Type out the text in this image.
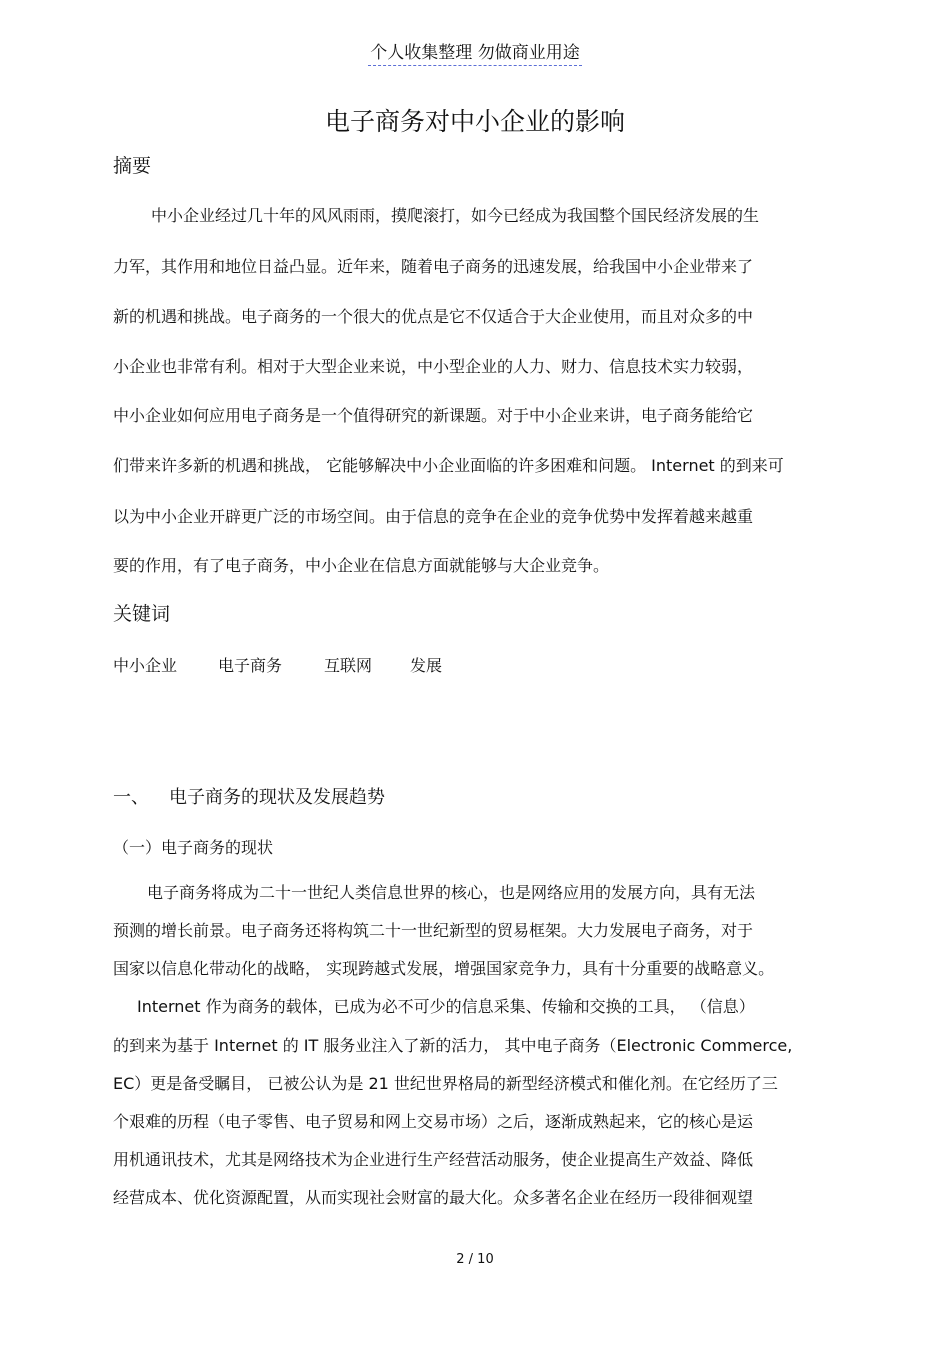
个人收集整理 勿做商业用途
电子商务对中小企业的影响
摘要
中小企业经过几十年的风风雨雨，摸爬滚打，如今已经成为我国整个国民经济发展的生
力军，其作用和地位日益凸显。近年来，随着电子商务的迅速发展，给我国中小企业带来了
新的机遇和挑战。电子商务的一个很大的优点是它不仅适合于大企业使用，而且对众多的中
小企业也非常有利。相对于大型企业来说，中小型企业的人力、财力、信息技术实力较弱，
中小企业如何应用电子商务是一个值得研究的新课题。对于中小企业来讲，电子商务能给它
们带来许多新的机遇和挑战， 它能够解决中小企业面临的许多困难和问题。 Internet 的到来可
以为中小企业开辟更广泛的市场空间。由于信息的竞争在企业的竞争优势中发挥着越来越重
要的作用，有了电子商务，中小企业在信息方面就能够与大企业竞争。
关键词
中小企业	电子商务	互联网 发展
一、 电子商务的现状及发展趋势
（一）电子商务的现状
电子商务将成为二十一世纪人类信息世界的核心，也是网络应用的发展方向，具有无法
预测的增长前景。电子商务还将构筑二十一世纪新型的贸易框架。大力发展电子商务，对于
国家以信息化带动化的战略， 实现跨越式发展，增强国家竞争力，具有十分重要的战略意义。
Internet 作为商务的载体，已成为必不可少的信息采集、传输和交换的工具， （信息）
的到来为基于 Internet 的 IT 服务业注入了新的活力， 其中电子商务（Electronic Commerce,
EC）更是备受瞩目， 已被公认为是 21 世纪世界格局的新型经济模式和催化剂。在它经历了三
个艰难的历程（电子零售、电子贸易和网上交易市场）之后，逐渐成熟起来，它的核心是运
用机通讯技术，尤其是网络技术为企业进行生产经营活动服务，使企业提高生产效益、降低
经营成本、优化资源配置，从而实现社会财富的最大化。众多著名企业在经历一段徘徊观望
2 / 10
